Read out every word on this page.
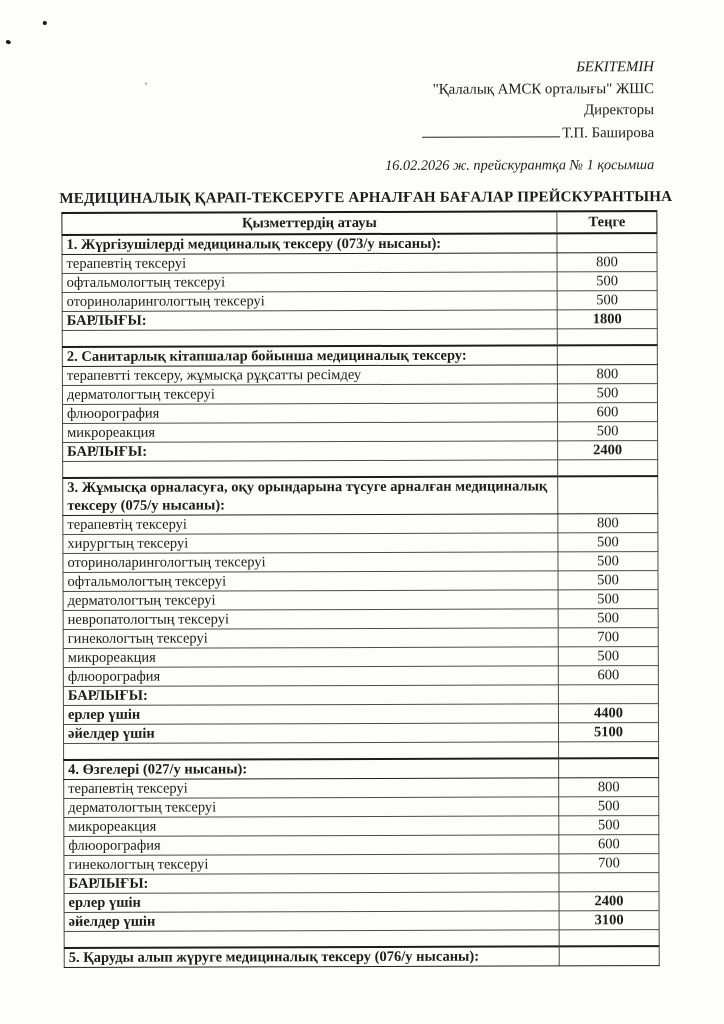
БЕКІТЕМІН
"Қалалық АМСК орталығы" ЖШС
Директоры
Т.П. Баширова
16.02.2026 ж. прейскурантқа № 1 қосымша
МЕДИЦИНАЛЫҚ ҚАРАП-ТЕКСЕРУГЕ АРНАЛҒАН БАҒАЛАР ПРЕЙСКУРАНТЫНА
Қызметтердің атауы	Теңге
1. Жүргізушілерді медициналық тексеру (073/у нысаны):	
терапевтің тексеруі	800
офтальмологтың тексеруі	500
оториноларингологтың тексеруі	500
БАРЛЫҒЫ:	1800

2. Санитарлық кітапшалар бойынша медициналық тексеру:	
терапевтті тексеру, жұмысқа рұқсатты ресімдеу	800
дерматологтың тексеруі	500
флюорография	600
микрореакция	500
БАРЛЫҒЫ:	2400

3. Жұмысқа орналасуға, оқу орындарына түсуге арналған медициналық тексеру (075/у нысаны):	
терапевтің тексеруі	800
хирургтың тексеруі	500
оториноларингологтың тексеруі	500
офтальмологтың тексеруі	500
дерматологтың тексеруі	500
невропатологтың тексеруі	500
гинекологтың тексеруі	700
микрореакция	500
флюорография	600
БАРЛЫҒЫ:	
ерлер үшін	4400
әйелдер үшін	5100

4. Өзгелері (027/у нысаны):	
терапевтің тексеруі	800
дерматологтың тексеруі	500
микрореакция	500
флюорография	600
гинекологтың тексеруі	700
БАРЛЫҒЫ:	
ерлер үшін	2400
әйелдер үшін	3100

5. Қаруды алып жүруге медициналық тексеру (076/у нысаны):	
